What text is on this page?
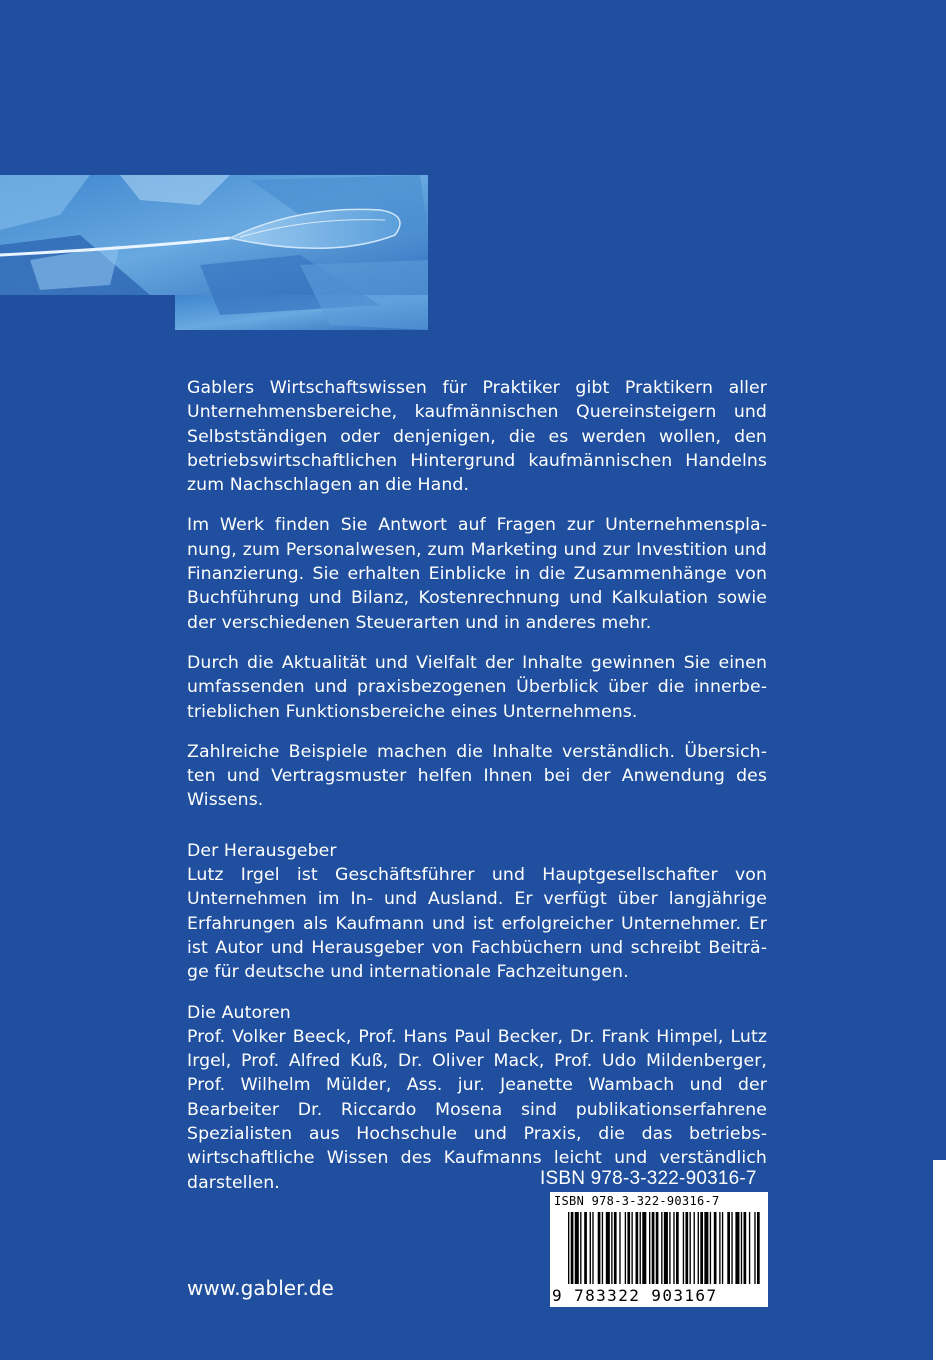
Gablers Wirtschaftswissen für Praktiker gibt Praktikern aller Unternehmensbereiche, kaufmännischen Quereinsteigern und Selbstständigen oder denjenigen, die es werden wollen, den betriebswirtschaftlichen Hintergrund kaufmännischen Handelns zum Nachschlagen an die Hand.

Im Werk finden Sie Antwort auf Fragen zur Unternehmensplanung, zum Personalwesen, zum Marketing und zur Investition und Finanzierung. Sie erhalten Einblicke in die Zusammenhänge von Buchführung und Bilanz, Kostenrechnung und Kalkulation sowie der verschiedenen Steuerarten und in anderes mehr.

Durch die Aktualität und Vielfalt der Inhalte gewinnen Sie einen umfassenden und praxisbezogenen Überblick über die innerbetrieblichen Funktionsbereiche eines Unternehmens.

Zahlreiche Beispiele machen die Inhalte verständlich. Übersichten und Vertragsmuster helfen Ihnen bei der Anwendung des Wissens.

Der Herausgeber

Lutz Irgel ist Geschäftsführer und Hauptgesellschafter von Unternehmen im In- und Ausland. Er verfügt über langjährige Erfahrungen als Kaufmann und ist erfolgreicher Unternehmer. Er ist Autor und Herausgeber von Fachbüchern und schreibt Beiträge für deutsche und internationale Fachzeitungen.

Die Autoren

Prof. Volker Beeck, Prof. Hans Paul Becker, Dr. Frank Himpel, Lutz Irgel, Prof. Alfred Kuß, Dr. Oliver Mack, Prof. Udo Mildenberger, Prof. Wilhelm Mülder, Ass. jur. Jeanette Wambach und der Bearbeiter Dr. Riccardo Mosena sind publikationserfahrene Spezialisten aus Hochschule und Praxis, die das betriebswirtschaftliche Wissen des Kaufmanns leicht und verständlich darstellen.	ISBN 978-3-322-90316-7
ISBN 978-3-322-90316-7
9 783322 903167
www.gabler.de
